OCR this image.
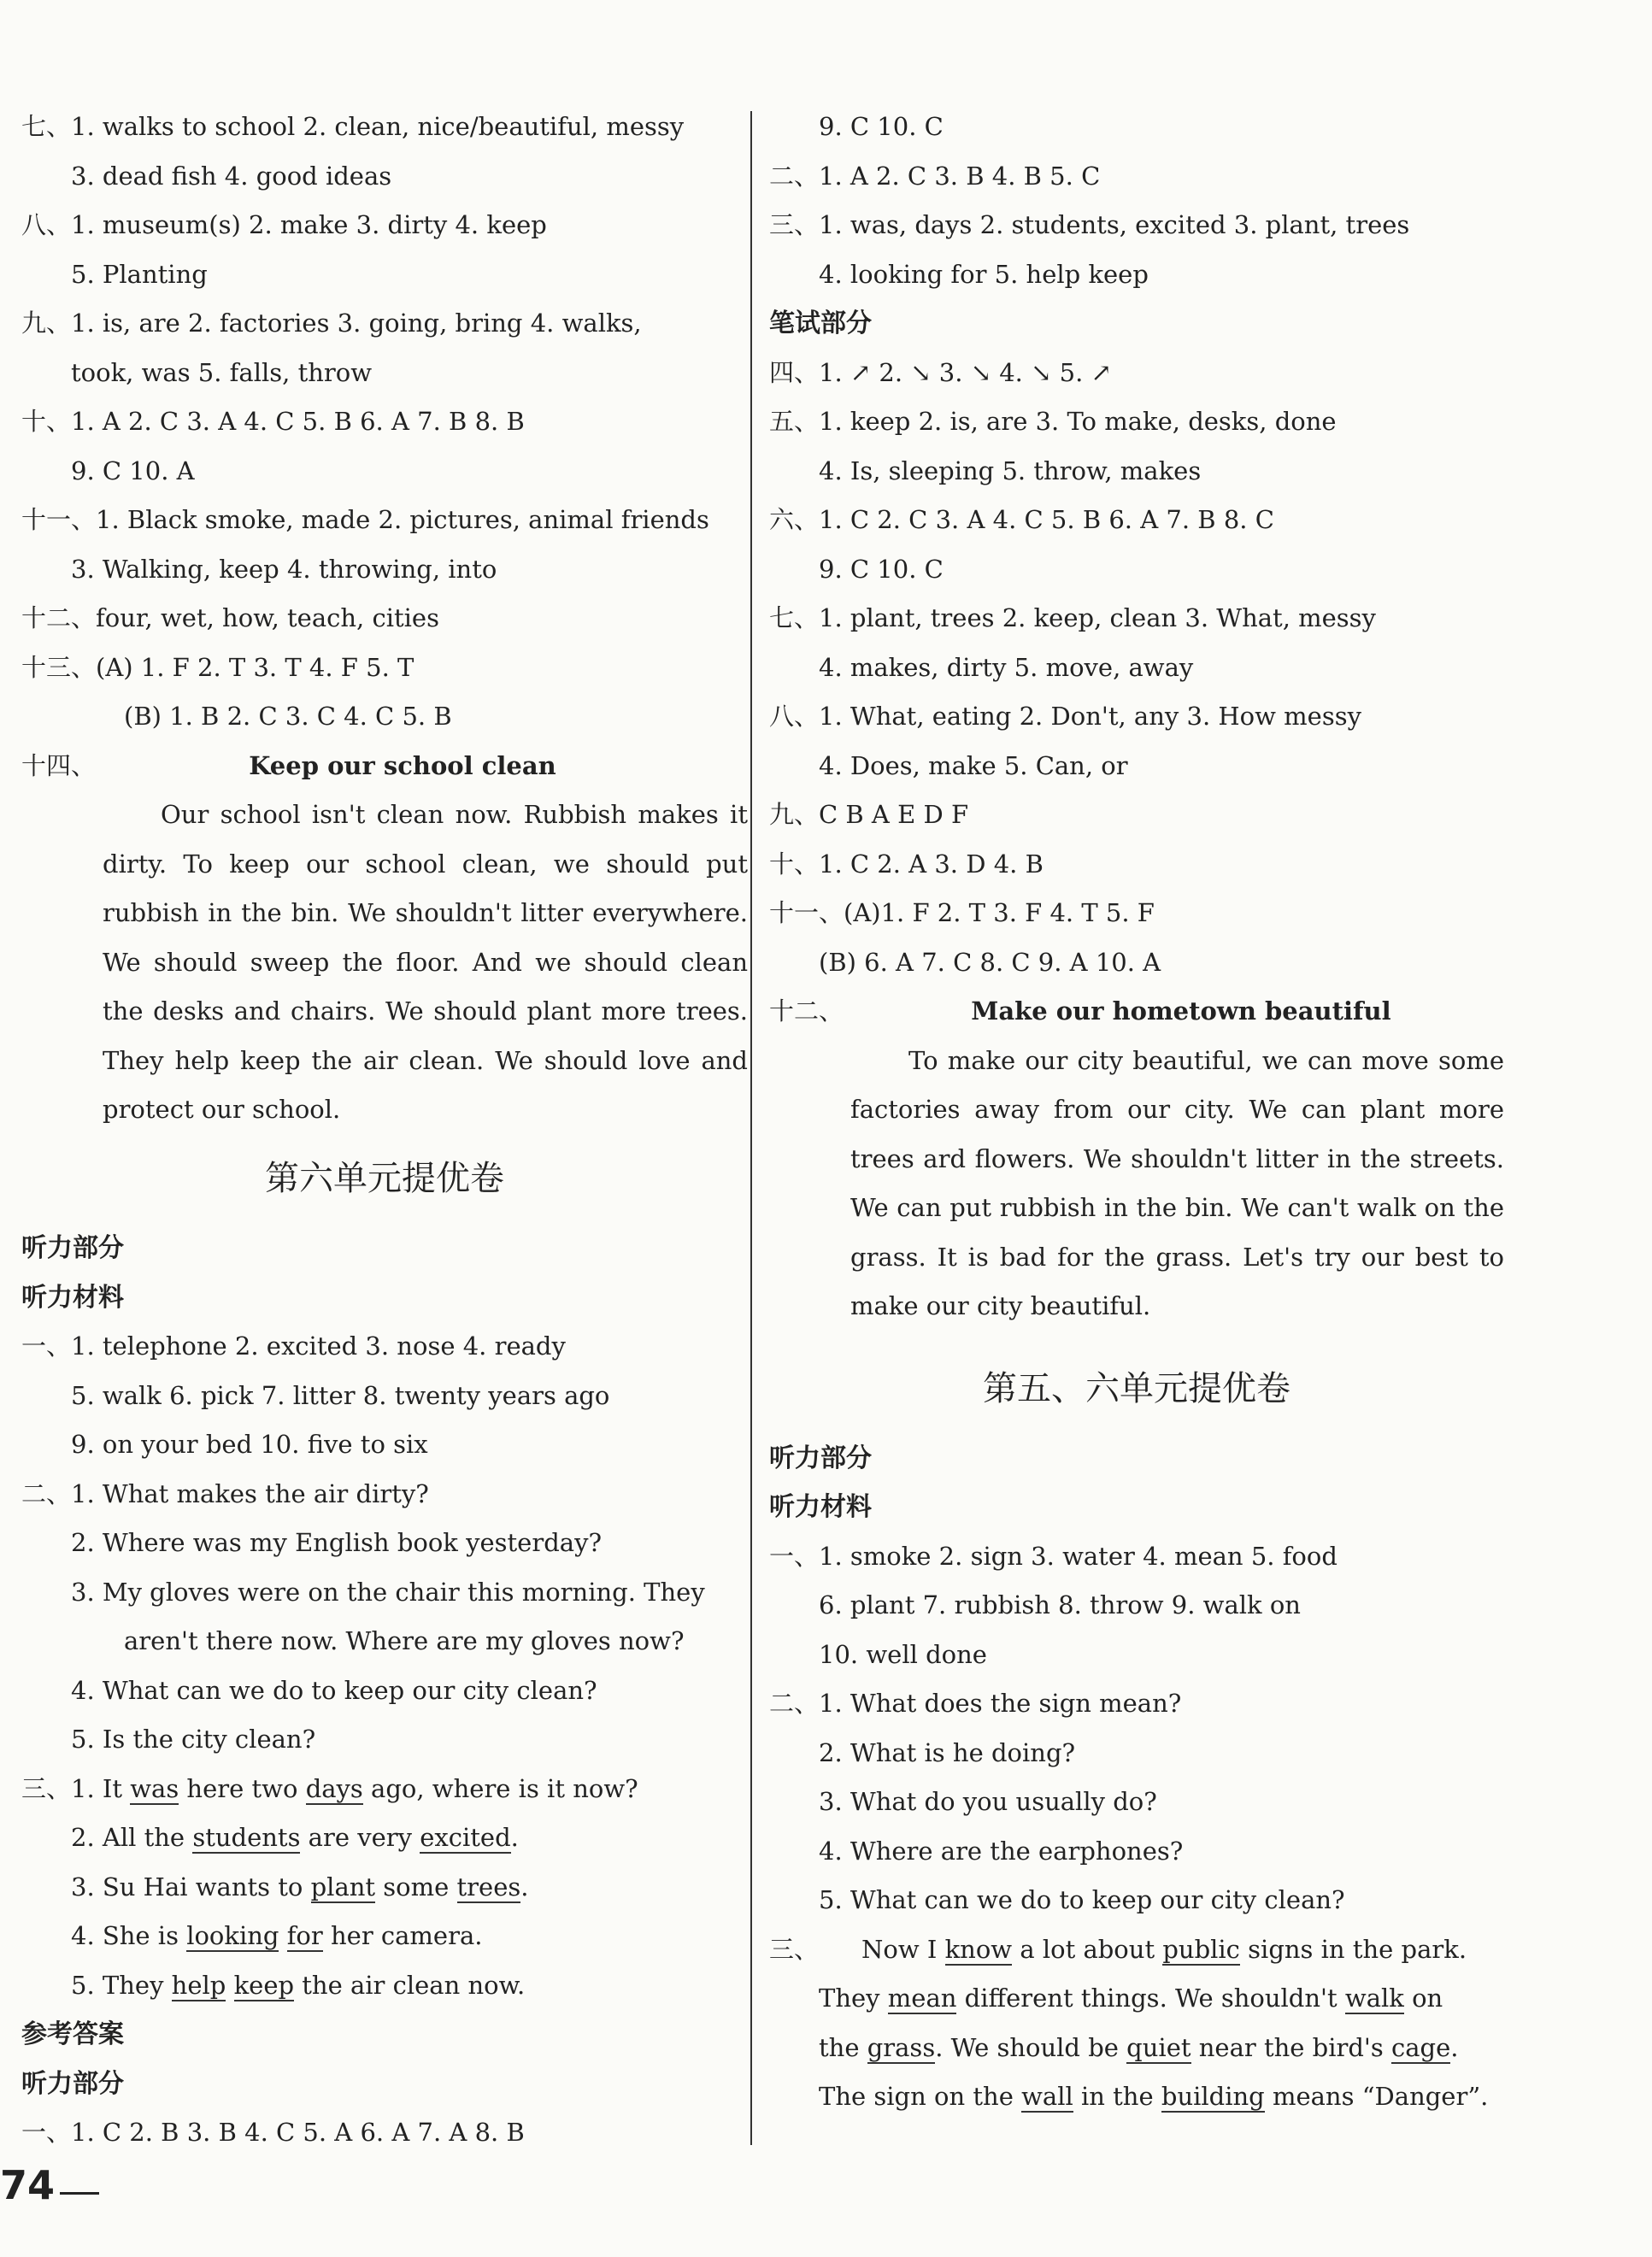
七、1. walks to school 2. clean, nice/beautiful, messy
3. dead fish 4. good ideas
八、1. museum(s) 2. make 3. dirty 4. keep
5. Planting
九、1. is, are 2. factories 3. going, bring 4. walks,
took, was 5. falls, throw
十、1. A 2. C 3. A 4. C 5. B 6. A 7. B 8. B
9. C 10. A
十一、1. Black smoke, made 2. pictures, animal friends
3. Walking, keep 4. throwing, into
十二、four, wet, how, teach, cities
十三、(A) 1. F 2. T 3. T 4. F 5. T
(B) 1. B 2. C 3. C 4. C 5. B
十四、	Keep our school clean
Our school isn't clean now. Rubbish makes it dirty. To keep our school clean, we should put rubbish in the bin. We shouldn't litter everywhere. We should sweep the floor. And we should clean the desks and chairs. We should plant more trees. They help keep the air clean. We should love and protect our school.
第六单元提优卷
听力部分
听力材料
一、1. telephone 2. excited 3. nose 4. ready
5. walk 6. pick 7. litter 8. twenty years ago
9. on your bed 10. five to six
二、1. What makes the air dirty?
2. Where was my English book yesterday?
3. My gloves were on the chair this morning. They
aren't there now. Where are my gloves now?
4. What can we do to keep our city clean?
5. Is the city clean?
三、1. It was here two days ago, where is it now?
2. All the students are very excited.
3. Su Hai wants to plant some trees.
4. She is looking for her camera.
5. They help keep the air clean now.
参考答案
听力部分
一、1. C 2. B 3. B 4. C 5. A 6. A 7. A 8. B
9. C 10. C
二、1. A 2. C 3. B 4. B 5. C
三、1. was, days 2. students, excited 3. plant, trees
4. looking for 5. help keep
笔试部分
四、1. ↗ 2. ↘ 3. ↘ 4. ↘ 5. ↗
五、1. keep 2. is, are 3. To make, desks, done
4. Is, sleeping 5. throw, makes
六、1. C 2. C 3. A 4. C 5. B 6. A 7. B 8. C
9. C 10. C
七、1. plant, trees 2. keep, clean 3. What, messy
4. makes, dirty 5. move, away
八、1. What, eating 2. Don't, any 3. How messy
4. Does, make 5. Can, or
九、C B A E D F
十、1. C 2. A 3. D 4. B
十一、(A)1. F 2. T 3. F 4. T 5. F
(B) 6. A 7. C 8. C 9. A 10. A
十二、	Make our hometown beautiful
To make our city beautiful, we can move some factories away from our city. We can plant more trees ard flowers. We shouldn't litter in the streets. We can put rubbish in the bin. We can't walk on the grass. It is bad for the grass. Let's try our best to make our city beautiful.
第五、六单元提优卷
听力部分
听力材料
一、1. smoke 2. sign 3. water 4. mean 5. food
6. plant 7. rubbish 8. throw 9. walk on
10. well done
二、1. What does the sign mean?
2. What is he doing?
3. What do you usually do?
4. Where are the earphones?
5. What can we do to keep our city clean?
三、 Now I know a lot about public signs in the park.
They mean different things. We shouldn't walk on
the grass. We should be quiet near the bird's cage.
The sign on the wall in the building means “Danger”.
74
